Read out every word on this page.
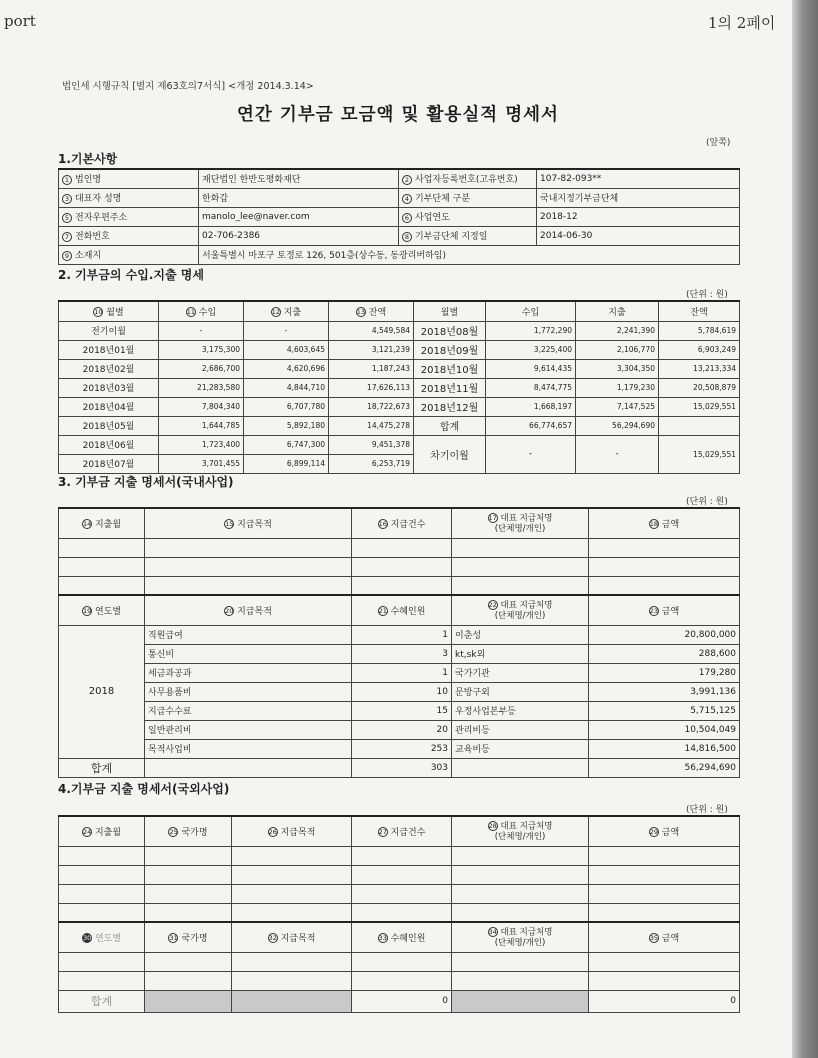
port	1의 2페이
법인세 시행규칙 [별지 제63호의7서식] <개정 2014.3.14>
연간 기부금 모금액 및 활용실적 명세서
(앞쪽)
1.기본사항
1 법인명	재단법인 한반도평화재단	2 사업자등록번호(고유번호)	107-82-093**
3 대표자 성명	한화갑	4 기부단체 구분	국내지정기부금단체
5 전자우편주소	manolo_lee@naver.com	6 사업연도	2018-12
7 전화번호	02-706-2386	8 기부금단체 지정일	2014-06-30
9 소재지	서울특별시 마포구 토정로 126, 501층(상수동, 동광리버하임)		
2. 기부금의 수입.지출 명세
(단위 : 원)
10 월별	11 수입	12 지출	13 잔액	월별	수입	지출	잔액
전기이월	-	-	4,549,584	2018년08월	1,772,290	2,241,390	5,784,619
2018년01월	3,175,300	4,603,645	3,121,239	2018년09월	3,225,400	2,106,770	6,903,249
2018년02월	2,686,700	4,620,696	1,187,243	2018년10월	9,614,435	3,304,350	13,213,334
2018년03월	21,283,580	4,844,710	17,626,113	2018년11월	8,474,775	1,179,230	20,508,879
2018년04월	7,804,340	6,707,780	18,722,673	2018년12월	1,668,197	7,147,525	15,029,551
2018년05월	1,644,785	5,892,180	14,475,278	합계	66,774,657	56,294,690	
2018년06월	1,723,400	6,747,300	9,451,378	차기이월	-	-	15,029,551
2018년07월	3,701,455	6,899,114	6,253,719				
3. 기부금 지출 명세서(국내사업)
(단위 : 원)
14 지출월	15 지급목적	16 지급건수	17 대표 지급처명
(단체명/개인)	18 금액

19 연도별	20 지급목적	21 수혜인원	22 대표 지급처명
(단체명/개인)	23 금액
2018	직원급여	1	이춘성	20,800,000
	통신비	3	kt,sk외	288,600
	세금과공과	1	국가기관	179,280
	사무용품비	10	문방구외	3,991,136
	지급수수료	15	우정사업본부등	5,715,125
	일반관리비	20	관리비등	10,504,049
	목적사업비	253	교육비등	14,816,500
합계		303		56,294,690
4.기부금 지출 명세서(국외사업)
(단위 : 원)
24 지출월	25 국가명	26 지급목적	27 지급건수	28 대표 지급처명
(단체명/개인)	29 금액

30 연도별	31 국가명	32 지급목적	33 수혜인원	34 대표 지급처명
(단체명/개인)	35 금액

합계			0		0
